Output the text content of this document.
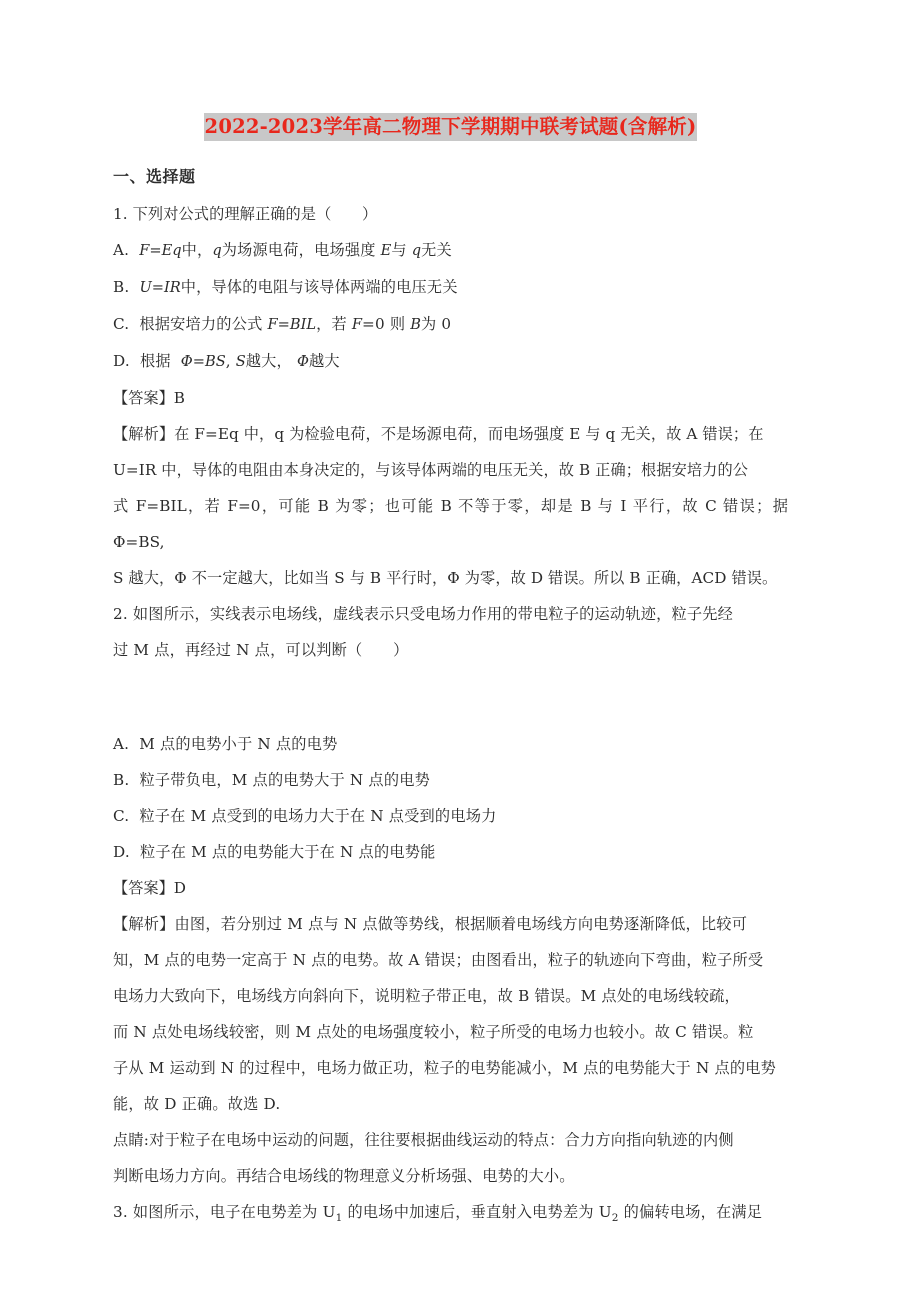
2022-2023学年高二物理下学期期中联考试题(含解析)
一、选择题
1. 下列对公式的理解正确的是（　　）
A. F=Eq中，q为场源电荷，电场强度 E与 q无关
B. U=IR中，导体的电阻与该导体两端的电压无关
C. 根据安培力的公式 F=BIL，若 F=0 则 B为 0
D. 根据 Φ=BS, S越大， Φ越大
【答案】B
【解析】在 F=Eq 中，q 为检验电荷，不是场源电荷，而电场强度 E 与 q 无关，故 A 错误；在
U=IR 中，导体的电阻由本身决定的，与该导体两端的电压无关，故 B 正确；根据安培力的公
式 F=BIL，若 F=0，可能 B 为零；也可能 B 不等于零，却是 B 与 I 平行，故 C 错误；据 Φ=BS,
S 越大，Φ 不一定越大，比如当 S 与 B 平行时，Φ 为零，故 D 错误。所以 B 正确，ACD 错误。
2. 如图所示，实线表示电场线，虚线表示只受电场力作用的带电粒子的运动轨迹，粒子先经
过 M 点，再经过 N 点，可以判断（　　）
A. M 点的电势小于 N 点的电势
B. 粒子带负电，M 点的电势大于 N 点的电势
C. 粒子在 M 点受到的电场力大于在 N 点受到的电场力
D. 粒子在 M 点的电势能大于在 N 点的电势能
【答案】D
【解析】由图，若分别过 M 点与 N 点做等势线，根据顺着电场线方向电势逐渐降低，比较可
知，M 点的电势一定高于 N 点的电势。故 A 错误；由图看出，粒子的轨迹向下弯曲，粒子所受
电场力大致向下，电场线方向斜向下，说明粒子带正电，故 B 错误。M 点处的电场线较疏，
而 N 点处电场线较密，则 M 点处的电场强度较小，粒子所受的电场力也较小。故 C 错误。粒
子从 M 运动到 N 的过程中，电场力做正功，粒子的电势能减小，M 点的电势能大于 N 点的电势
能，故 D 正确。故选 D.
点睛:对于粒子在电场中运动的问题，往往要根据曲线运动的特点：合力方向指向轨迹的内侧
判断电场力方向。再结合电场线的物理意义分析场强、电势的大小。
3. 如图所示，电子在电势差为 $U_1$ 的电场中加速后，垂直射入电势差为 $U_2$ 的偏转电场，在满足
